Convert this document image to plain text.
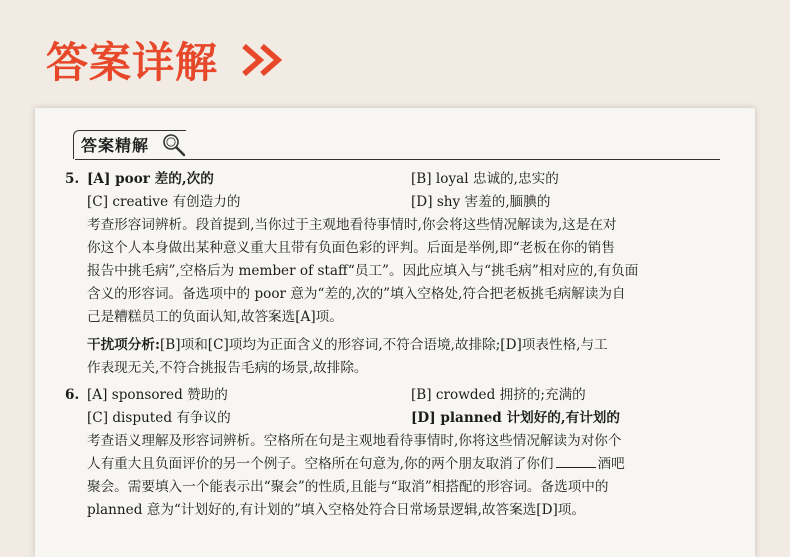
答案详解
答案精解
5. [A] poor 差的,次的	[B] loyal 忠诚的,忠实的
[C] creative 有创造力的	[D] shy 害羞的,腼腆的
考查形容词辨析。段首提到,当你过于主观地看待事情时,你会将这些情况解读为,这是在对
你这个人本身做出某种意义重大且带有负面色彩的评判。后面是举例,即“老板在你的销售
报告中挑毛病”,空格后为 member of staff“员工”。因此应填入与“挑毛病”相对应的,有负面
含义的形容词。备选项中的 poor 意为“差的,次的”填入空格处,符合把老板挑毛病解读为自
己是糟糕员工的负面认知,故答案选[A]项。
干扰项分析:[B]项和[C]项均为正面含义的形容词,不符合语境,故排除;[D]项表性格,与工
作表现无关,不符合挑报告毛病的场景,故排除。
6. [A] sponsored 赞助的	[B] crowded 拥挤的;充满的
[C] disputed 有争议的	[D] planned 计划好的,有计划的
考查语义理解及形容词辨析。空格所在句是主观地看待事情时,你将这些情况解读为对你个
人有重大且负面评价的另一个例子。空格所在句意为,你的两个朋友取消了你们	酒吧
聚会。需要填入一个能表示出“聚会”的性质,且能与“取消”相搭配的形容词。备选项中的
planned 意为“计划好的,有计划的”填入空格处符合日常场景逻辑,故答案选[D]项。
